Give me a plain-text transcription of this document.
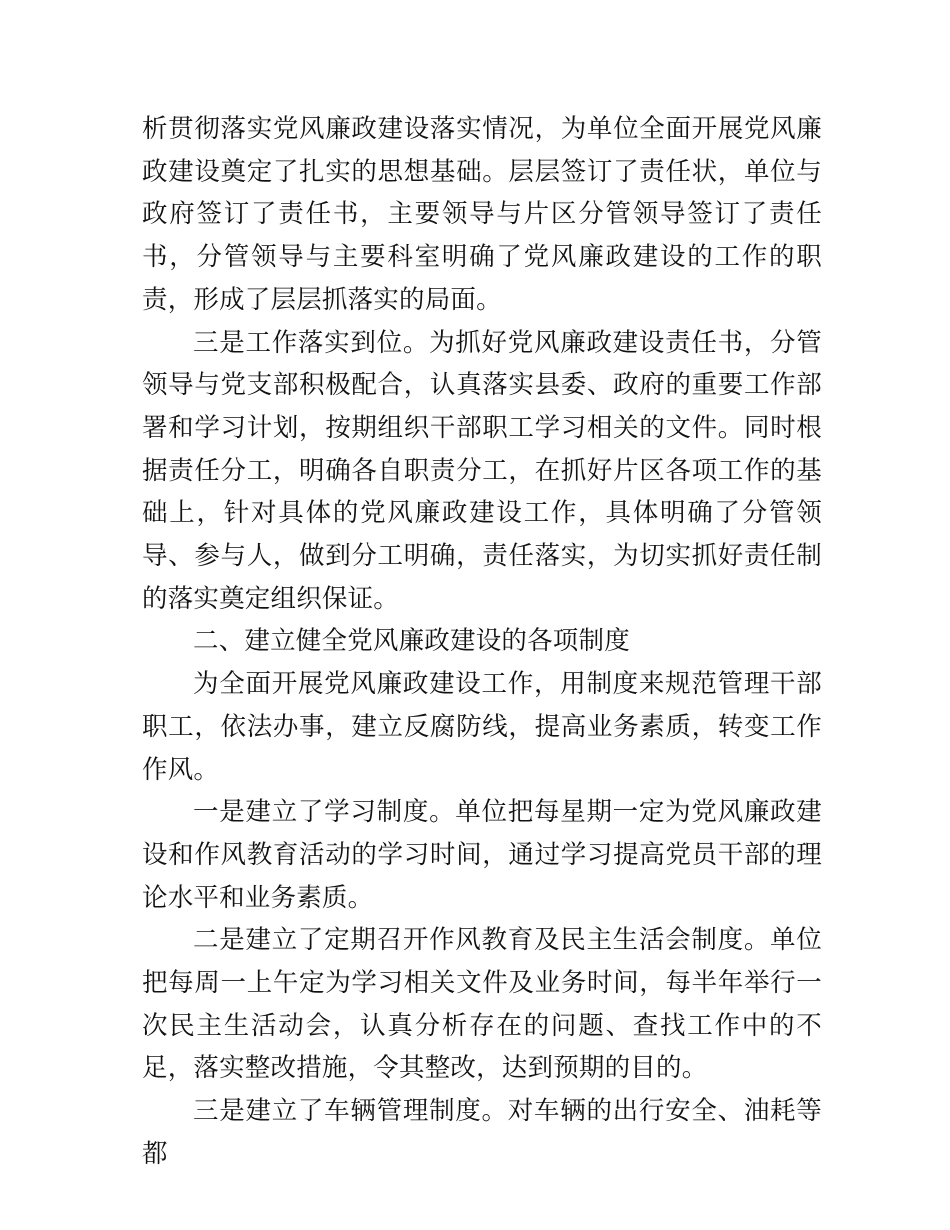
析贯彻落实党风廉政建设落实情况，为单位全面开展党风廉政建设奠定了扎实的思想基础。层层签订了责任状，单位与政府签订了责任书，主要领导与片区分管领导签订了责任书，分管领导与主要科室明确了党风廉政建设的工作的职责，形成了层层抓落实的局面。

三是工作落实到位。为抓好党风廉政建设责任书，分管领导与党支部积极配合，认真落实县委、政府的重要工作部署和学习计划，按期组织干部职工学习相关的文件。同时根据责任分工，明确各自职责分工，在抓好片区各项工作的基础上，针对具体的党风廉政建设工作，具体明确了分管领导、参与人，做到分工明确，责任落实，为切实抓好责任制的落实奠定组织保证。

二、建立健全党风廉政建设的各项制度

为全面开展党风廉政建设工作，用制度来规范管理干部职工，依法办事，建立反腐防线，提高业务素质，转变工作作风。

一是建立了学习制度。单位把每星期一定为党风廉政建设和作风教育活动的学习时间，通过学习提高党员干部的理论水平和业务素质。

二是建立了定期召开作风教育及民主生活会制度。单位把每周一上午定为学习相关文件及业务时间，每半年举行一次民主生活动会，认真分析存在的问题、查找工作中的不足，落实整改措施，令其整改，达到预期的目的。

三是建立了车辆管理制度。对车辆的出行安全、油耗等都
